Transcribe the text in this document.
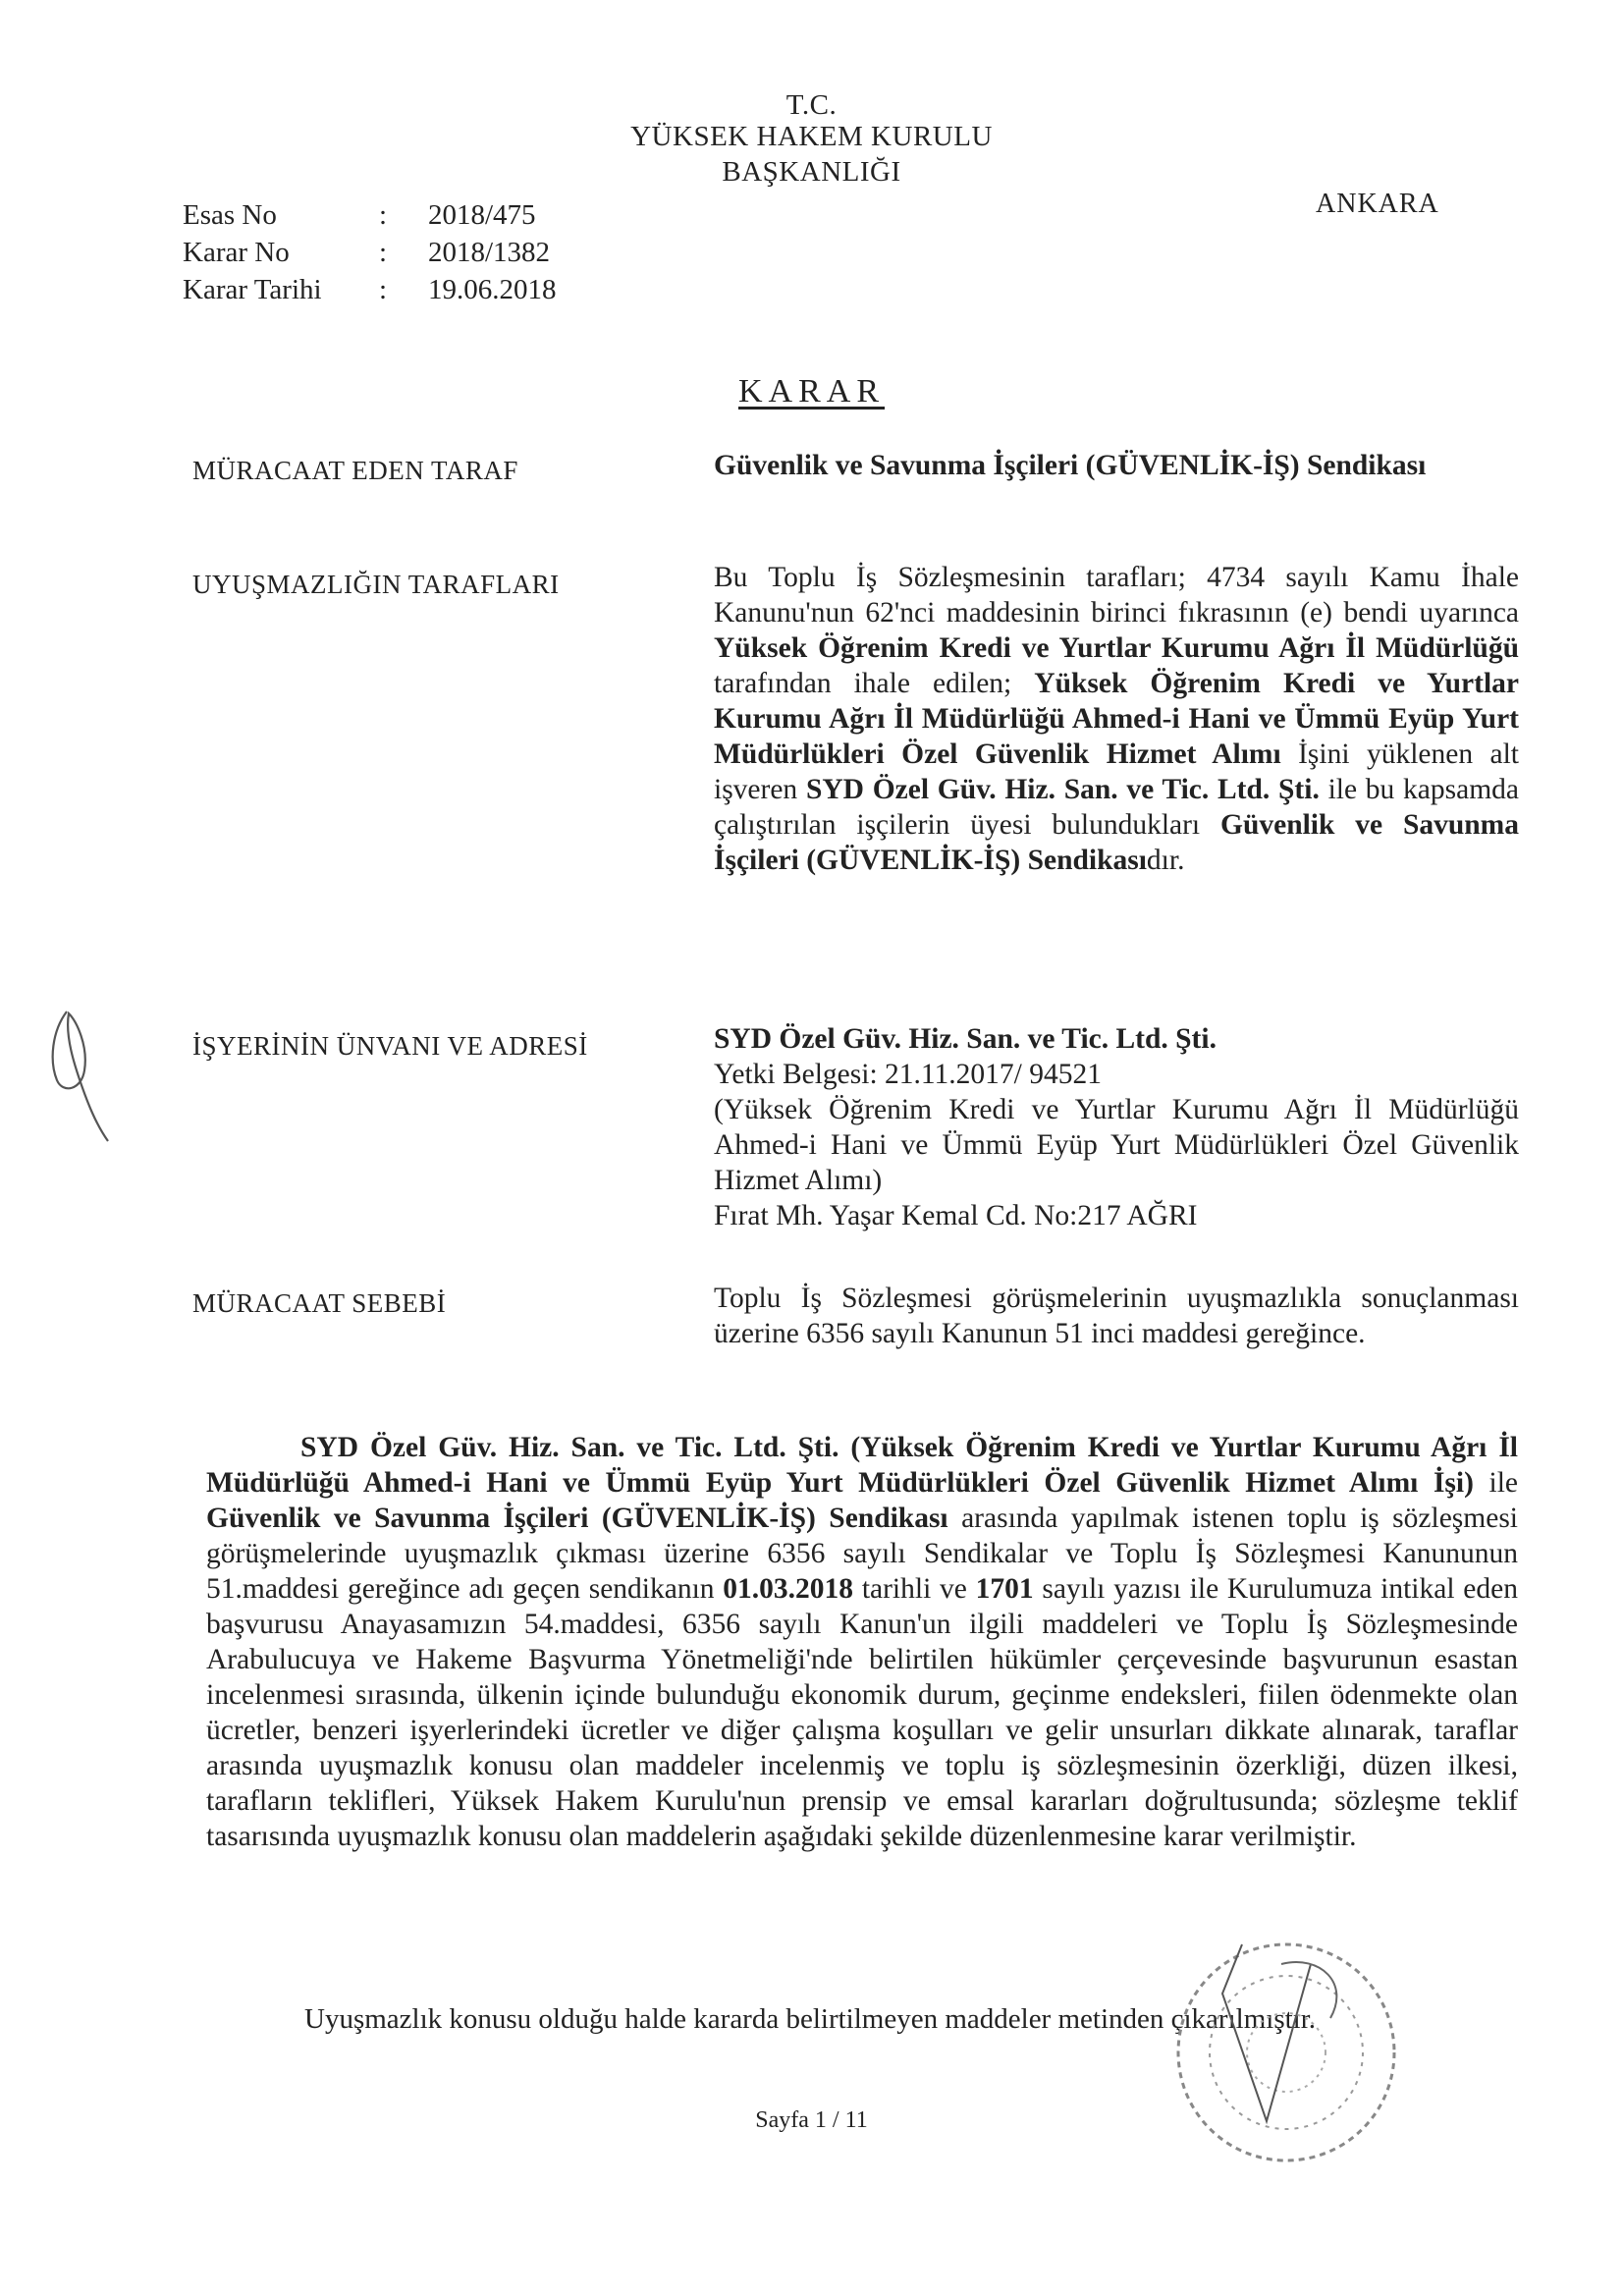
T.C.
YÜKSEK HAKEM KURULU
BAŞKANLIĞI
ANKARA
Esas No	:	2018/475
Karar No	:	2018/1382
Karar Tarihi	:	19.06.2018
KARAR
MÜRACAAT EDEN TARAF	Güvenlik ve Savunma İşçileri (GÜVENLİK-İŞ) Sendikası
UYUŞMAZLIĞIN TARAFLARI	Bu Toplu İş Sözleşmesinin tarafları; 4734 sayılı Kamu İhale Kanunu'nun 62'nci maddesinin birinci fıkrasının (e) bendi uyarınca Yüksek Öğrenim Kredi ve Yurtlar Kurumu Ağrı İl Müdürlüğü tarafından ihale edilen; Yüksek Öğrenim Kredi ve Yurtlar Kurumu Ağrı İl Müdürlüğü Ahmed-i Hani ve Ümmü Eyüp Yurt Müdürlükleri Özel Güvenlik Hizmet Alımı İşini yüklenen alt işveren SYD Özel Güv. Hiz. San. ve Tic. Ltd. Şti. ile bu kapsamda çalıştırılan işçilerin üyesi bulundukları Güvenlik ve Savunma İşçileri (GÜVENLİK-İŞ) Sendikasıdır.
İŞYERİNİN ÜNVANI VE ADRESİ	SYD Özel Güv. Hiz. San. ve Tic. Ltd. Şti.
Yetki Belgesi: 21.11.2017/ 94521
(Yüksek Öğrenim Kredi ve Yurtlar Kurumu Ağrı İl Müdürlüğü Ahmed-i Hani ve Ümmü Eyüp Yurt Müdürlükleri Özel Güvenlik Hizmet Alımı)
Fırat Mh. Yaşar Kemal Cd. No:217 AĞRI
MÜRACAAT SEBEBİ	Toplu İş Sözleşmesi görüşmelerinin uyuşmazlıkla sonuçlanması üzerine 6356 sayılı Kanunun 51 inci maddesi gereğince.
SYD Özel Güv. Hiz. San. ve Tic. Ltd. Şti. (Yüksek Öğrenim Kredi ve Yurtlar Kurumu Ağrı İl Müdürlüğü Ahmed-i Hani ve Ümmü Eyüp Yurt Müdürlükleri Özel Güvenlik Hizmet Alımı İşi) ile Güvenlik ve Savunma İşçileri (GÜVENLİK-İŞ) Sendikası arasında yapılmak istenen toplu iş sözleşmesi görüşmelerinde uyuşmazlık çıkması üzerine 6356 sayılı Sendikalar ve Toplu İş Sözleşmesi Kanununun 51.maddesi gereğince adı geçen sendikanın 01.03.2018 tarihli ve 1701 sayılı yazısı ile Kurulumuza intikal eden başvurusu Anayasamızın 54.maddesi, 6356 sayılı Kanun'un ilgili maddeleri ve Toplu İş Sözleşmesinde Arabulucuya ve Hakeme Başvurma Yönetmeliği'nde belirtilen hükümler çerçevesinde başvurunun esastan incelenmesi sırasında, ülkenin içinde bulunduğu ekonomik durum, geçinme endeksleri, fiilen ödenmekte olan ücretler, benzeri işyerlerindeki ücretler ve diğer çalışma koşulları ve gelir unsurları dikkate alınarak, taraflar arasında uyuşmazlık konusu olan maddeler incelenmiş ve toplu iş sözleşmesinin özerkliği, düzen ilkesi, tarafların teklifleri, Yüksek Hakem Kurulu'nun prensip ve emsal kararları doğrultusunda; sözleşme teklif tasarısında uyuşmazlık konusu olan maddelerin aşağıdaki şekilde düzenlenmesine karar verilmiştir.
Uyuşmazlık konusu olduğu halde kararda belirtilmeyen maddeler metinden çıkarılmıştır.
Sayfa 1 / 11
